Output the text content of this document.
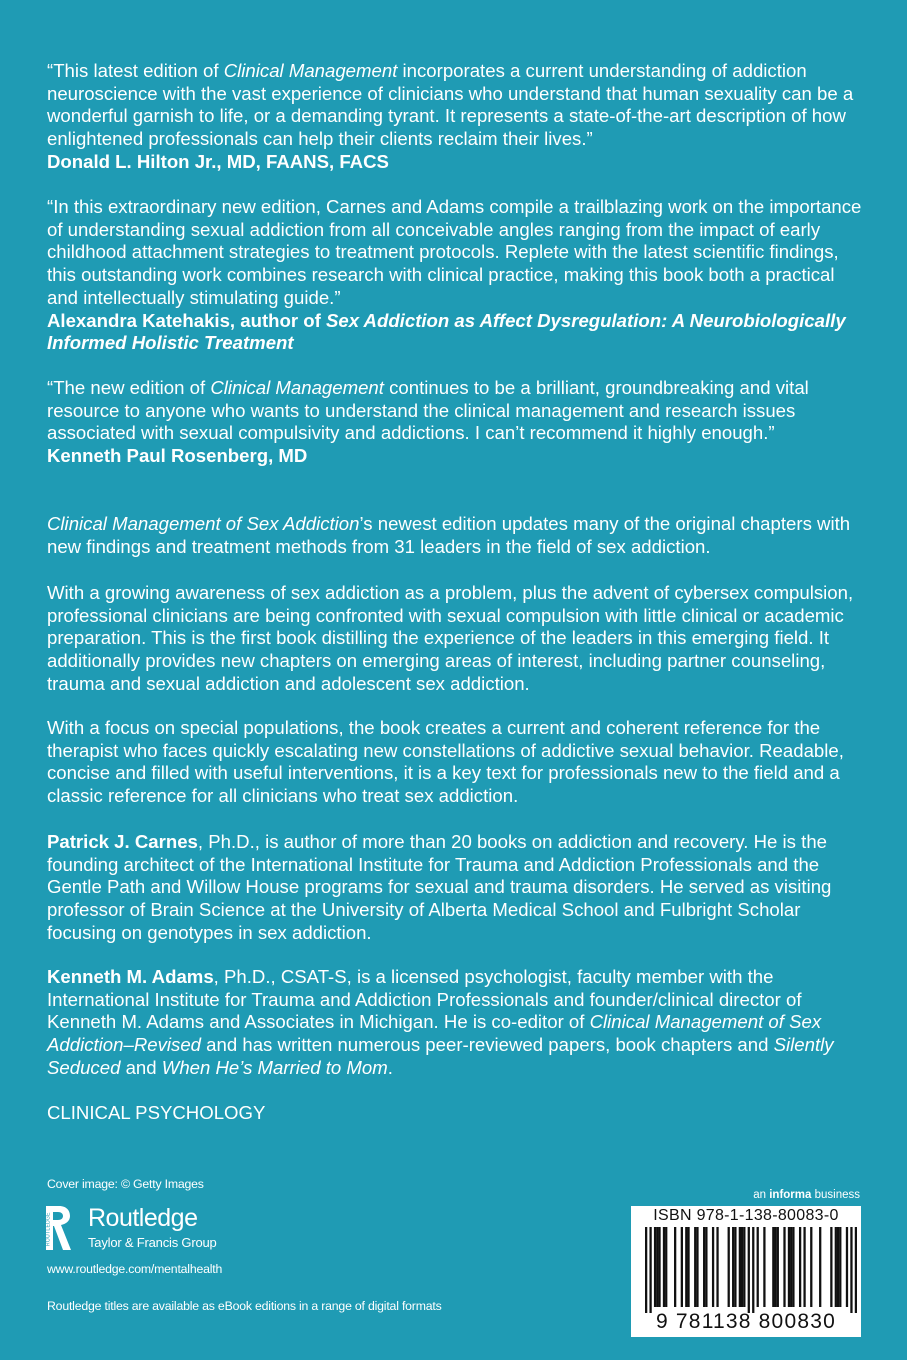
“This latest edition of Clinical Management incorporates a current understanding of addiction neuroscience with the vast experience of clinicians who understand that human sexuality can be a wonderful garnish to life, or a demanding tyrant. It represents a state-of-the-art description of how enlightened professionals can help their clients reclaim their lives.”

Donald L. Hilton Jr., MD, FAANS, FACS

“In this extraordinary new edition, Carnes and Adams compile a trailblazing work on the importance of understanding sexual addiction from all conceivable angles ranging from the impact of early childhood attachment strategies to treatment protocols. Replete with the latest scientific findings, this outstanding work combines research with clinical practice, making this book both a practical and intellectually stimulating guide.”

Alexandra Katehakis, author of Sex Addiction as Affect Dysregulation: A Neurobiologically Informed Holistic Treatment

“The new edition of Clinical Management continues to be a brilliant, groundbreaking and vital resource to anyone who wants to understand the clinical management and research issues associated with sexual compulsivity and addictions. I can’t recommend it highly enough.”

Kenneth Paul Rosenberg, MD

Clinical Management of Sex Addiction’s newest edition updates many of the original chapters with new findings and treatment methods from 31 leaders in the field of sex addiction.

With a growing awareness of sex addiction as a problem, plus the advent of cybersex compulsion, professional clinicians are being confronted with sexual compulsion with little clinical or academic preparation. This is the first book distilling the experience of the leaders in this emerging field. It additionally provides new chapters on emerging areas of interest, including partner counseling, trauma and sexual addiction and adolescent sex addiction.

With a focus on special populations, the book creates a current and coherent reference for the therapist who faces quickly escalating new constellations of addictive sexual behavior. Readable, concise and filled with useful interventions, it is a key text for professionals new to the field and a classic reference for all clinicians who treat sex addiction.

Patrick J. Carnes, Ph.D., is author of more than 20 books on addiction and recovery. He is the founding architect of the International Institute for Trauma and Addiction Professionals and the Gentle Path and Willow House programs for sexual and trauma disorders. He served as visiting professor of Brain Science at the University of Alberta Medical School and Fulbright Scholar focusing on genotypes in sex addiction.

Kenneth M. Adams, Ph.D., CSAT-S, is a licensed psychologist, faculty member with the International Institute for Trauma and Addiction Professionals and founder/clinical director of Kenneth M. Adams and Associates in Michigan. He is co-editor of Clinical Management of Sex Addiction–Revised and has written numerous peer-reviewed papers, book chapters and Silently Seduced and When He’s Married to Mom.

CLINICAL PSYCHOLOGY
Cover image: © Getty Images
ROUTLEDGE Routledge
Taylor & Francis Group
www.routledge.com/mentalhealth
Routledge titles are available as eBook editions in a range of digital formats
an informa business
ISBN 978-1-138-80083-0
9 781138 800830
